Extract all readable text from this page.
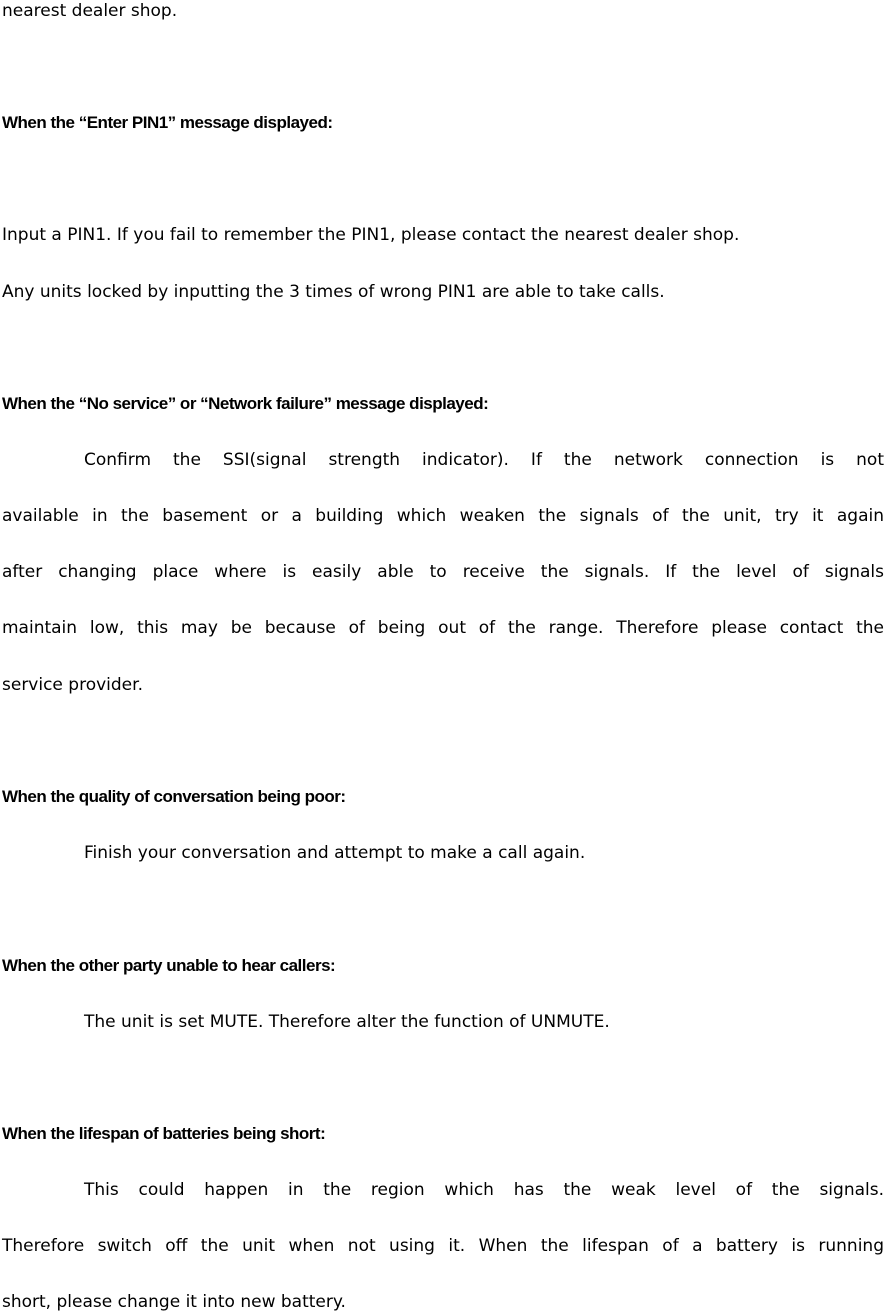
nearest dealer shop.

When the “Enter PIN1” message displayed:

Input a PIN1. If you fail to remember the PIN1, please contact the nearest dealer shop.

Any units locked by inputting the 3 times of wrong PIN1 are able to take calls.

When the “No service” or “Network failure” message displayed:

Confirm the SSI(signal strength indicator). If the network connection is not

available in the basement or a building which weaken the signals of the unit, try it again

after changing place where is easily able to receive the signals. If the level of signals

maintain low, this may be because of being out of the range. Therefore please contact the

service provider.

When the quality of conversation being poor:

Finish your conversation and attempt to make a call again.

When the other party unable to hear callers:

The unit is set MUTE. Therefore alter the function of UNMUTE.

When the lifespan of batteries being short:

This could happen in the region which has the weak level of the signals.

Therefore switch off the unit when not using it. When the lifespan of a battery is running

short, please change it into new battery.
